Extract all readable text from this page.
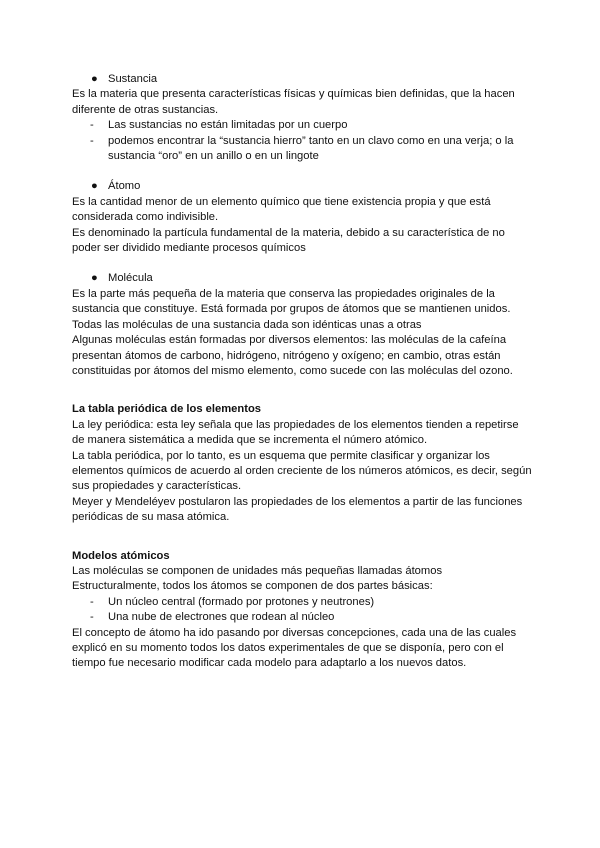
● Sustancia

Es la materia que presenta características físicas y químicas bien definidas, que la hacen diferente de otras sustancias.

- Las sustancias no están limitadas por un cuerpo
- podemos encontrar la “sustancia hierro” tanto en un clavo como en una verja; o la sustancia “oro” en un anillo o en un lingote

● Átomo

Es la cantidad menor de un elemento químico que tiene existencia propia y que está considerada como indivisible.

Es denominado la partícula fundamental de la materia, debido a su característica de no poder ser dividido mediante procesos químicos

● Molécula

Es la parte más pequeña de la materia que conserva las propiedades originales de la sustancia que constituye. Está formada por grupos de átomos que se mantienen unidos.

Todas las moléculas de una sustancia dada son idénticas unas a otras

Algunas moléculas están formadas por diversos elementos: las moléculas de la cafeína presentan átomos de carbono, hidrógeno, nitrógeno y oxígeno; en cambio, otras están constituidas por átomos del mismo elemento, como sucede con las moléculas del ozono.

La tabla periódica de los elementos

La ley periódica: esta ley señala que las propiedades de los elementos tienden a repetirse de manera sistemática a medida que se incrementa el número atómico.

La tabla periódica, por lo tanto, es un esquema que permite clasificar y organizar los elementos químicos de acuerdo al orden creciente de los números atómicos, es decir, según sus propiedades y características.

Meyer y Mendeléyev postularon las propiedades de los elementos a partir de las funciones periódicas de su masa atómica.

Modelos atómicos

Las moléculas se componen de unidades más pequeñas llamadas átomos

Estructuralmente, todos los átomos se componen de dos partes básicas:

- Un núcleo central (formado por protones y neutrones)
- Una nube de electrones que rodean al núcleo

El concepto de átomo ha ido pasando por diversas concepciones, cada una de las cuales explicó en su momento todos los datos experimentales de que se disponía, pero con el tiempo fue necesario modificar cada modelo para adaptarlo a los nuevos datos.
